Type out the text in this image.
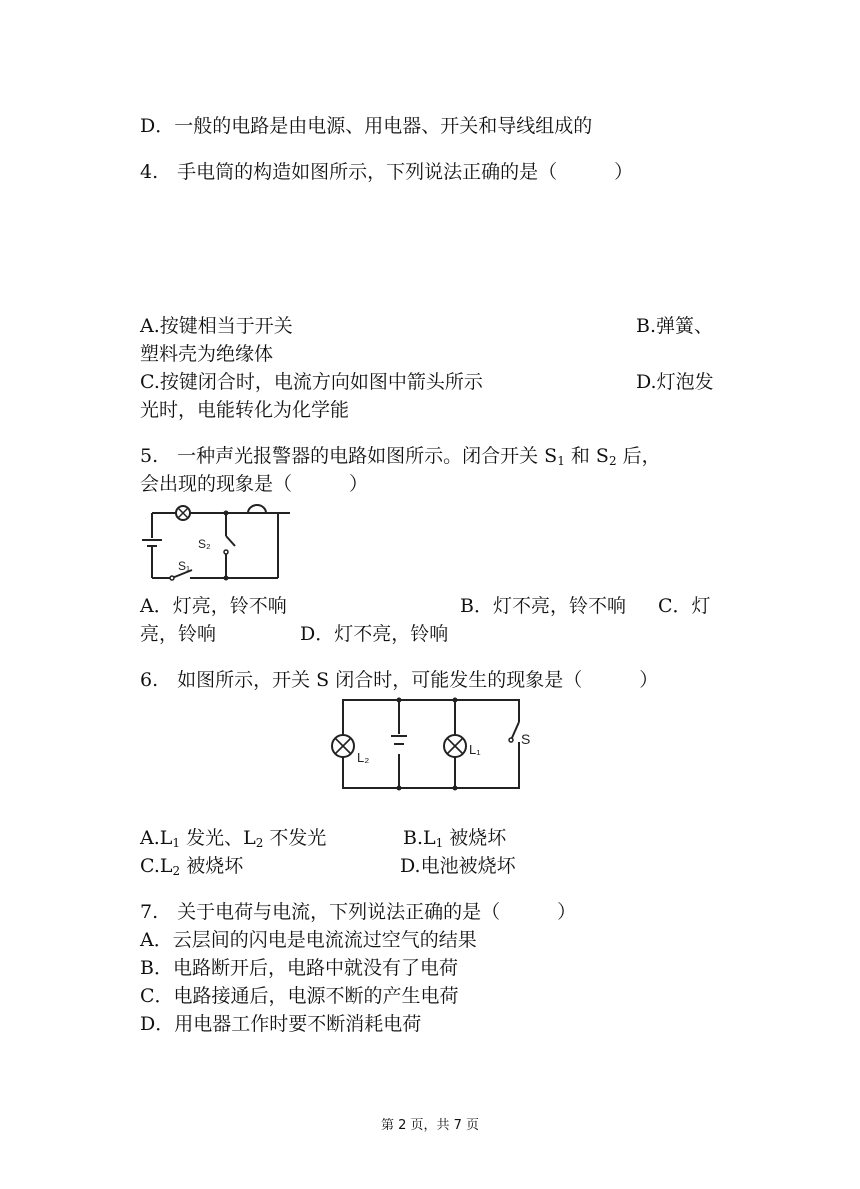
D．一般的电路是由电源、用电器、开关和导线组成的
4.　手电筒的构造如图所示，下列说法正确的是（　　　）
A.按键相当于开关	B.弹簧、
塑料壳为绝缘体
C.按键闭合时，电流方向如图中箭头所示	D.灯泡发
光时，电能转化为化学能
5.　一种声光报警器的电路如图所示。闭合开关 $S_1$ 和 $S_2$ 后，
会出现的现象是（　　　）
S₂
S₁
A．灯亮，铃不响	B．灯不亮，铃不响 C．灯
亮，铃响	D．灯不亮，铃响
6.　如图所示，开关 S 闭合时，可能发生的现象是（　　　）
L₂
L₁
S
$A.L_1$ 发光、$L_2$ 不发光	$B.L_1$ 被烧坏
$C.L_2$ 被烧坏	D.电池被烧坏
7.　关于电荷与电流，下列说法正确的是（　　　）
A．云层间的闪电是电流流过空气的结果
B．电路断开后，电路中就没有了电荷
C．电路接通后，电源不断的产生电荷
D．用电器工作时要不断消耗电荷
第 2 页，共 7 页
